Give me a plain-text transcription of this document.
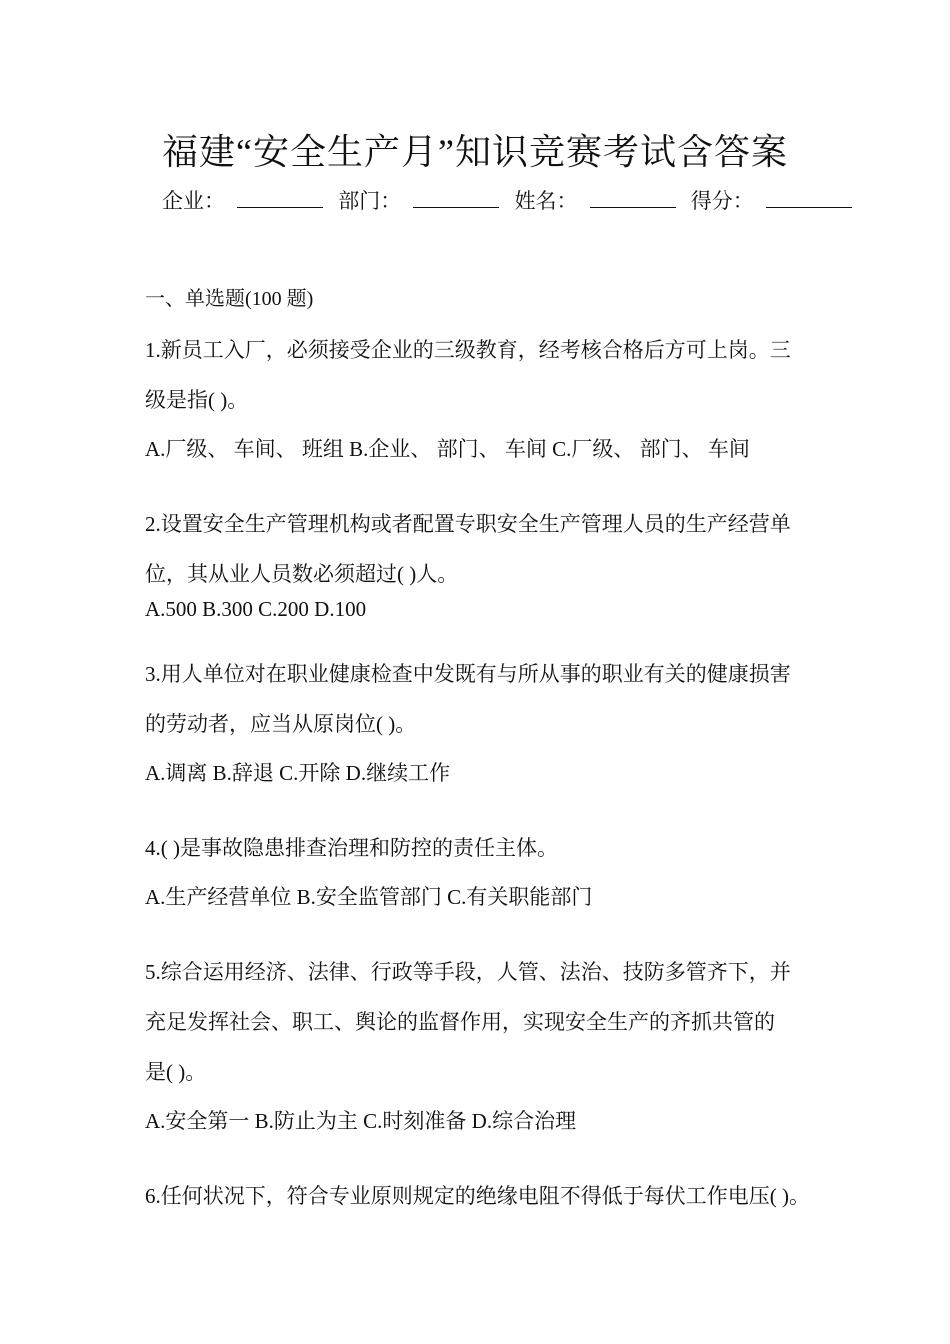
福建“安全生产月”知识竞赛考试含答案
企业：	部门：	姓名：	得分：
一、单选题(100 题)
1.新员工入厂，必须接受企业的三级教育，经考核合格后方可上岗。三
级是指( )。
A.厂级、 车间、 班组 B.企业、 部门、 车间 C.厂级、 部门、 车间
2.设置安全生产管理机构或者配置专职安全生产管理人员的生产经营单
位，其从业人员数必须超过( )人。
A.500 B.300 C.200 D.100
3.用人单位对在职业健康检查中发既有与所从事的职业有关的健康损害
的劳动者，应当从原岗位( )。
A.调离 B.辞退 C.开除 D.继续工作
4.( )是事故隐患排查治理和防控的责任主体。
A.生产经营单位 B.安全监管部门 C.有关职能部门
5.综合运用经济、法律、行政等手段，人管、法治、技防多管齐下，并
充足发挥社会、职工、舆论的监督作用，实现安全生产的齐抓共管的
是( )。
A.安全第一 B.防止为主 C.时刻准备 D.综合治理
6.任何状况下，符合专业原则规定的绝缘电阻不得低于每伏工作电压( )。
